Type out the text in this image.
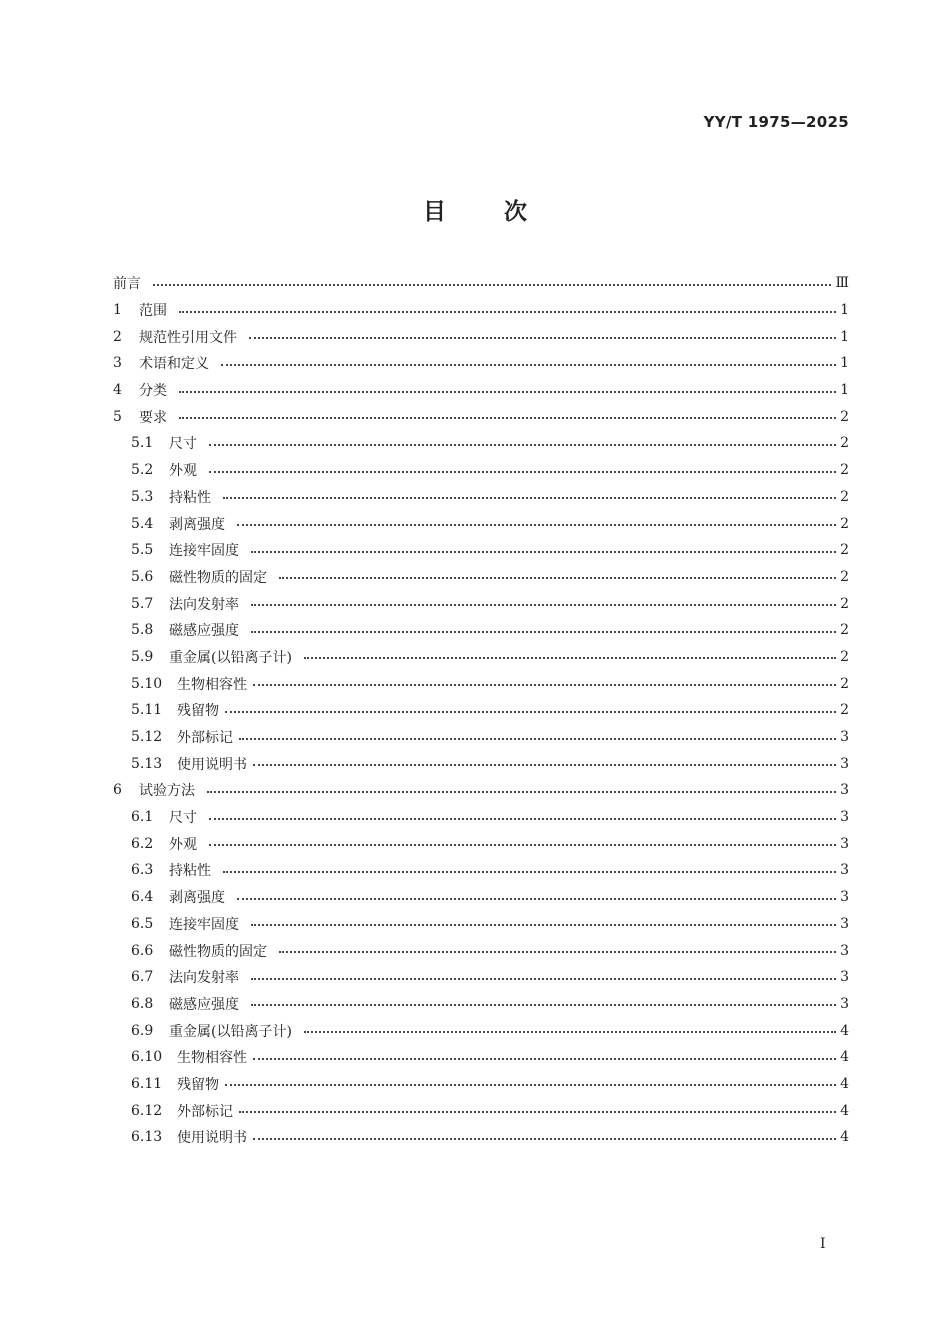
YY/T 1975—2025
目	次
前言	Ⅲ
1	范围	1
2	规范性引用文件	1
3	术语和定义	1
4	分类	1
5	要求	2
5.1	尺寸	2
5.2	外观	2
5.3	持粘性	2
5.4	剥离强度	2
5.5	连接牢固度	2
5.6	磁性物质的固定	2
5.7	法向发射率	2
5.8	磁感应强度	2
5.9	重金属(以铅离子计)	2
5.10	生物相容性	2
5.11	残留物	2
5.12	外部标记	3
5.13	使用说明书	3
6	试验方法	3
6.1	尺寸	3
6.2	外观	3
6.3	持粘性	3
6.4	剥离强度	3
6.5	连接牢固度	3
6.6	磁性物质的固定	3
6.7	法向发射率	3
6.8	磁感应强度	3
6.9	重金属(以铅离子计)	4
6.10	生物相容性	4
6.11	残留物	4
6.12	外部标记	4
6.13	使用说明书	4
I
